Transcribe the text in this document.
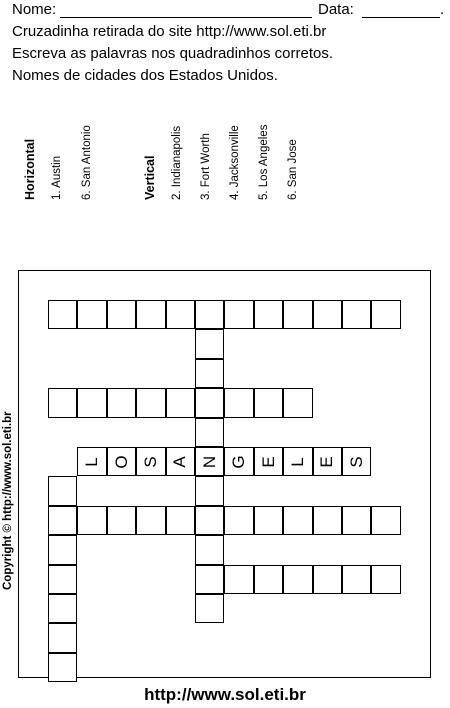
Nome:	Data:	.
Cruzadinha retirada do site http://www.sol.eti.br
Escreva as palavras nos quadradinhos corretos.
Nomes de cidades dos Estados Unidos.
Horizontal 1. Austin 6. San Antonio	Vertical 2. Indianapolis 3. Fort Worth 4. Jacksonville 5. Los Angeles 6. San Jose
L O S A N G E L E S
Copyright © http://www.sol.eti.br
http://www.sol.eti.br
